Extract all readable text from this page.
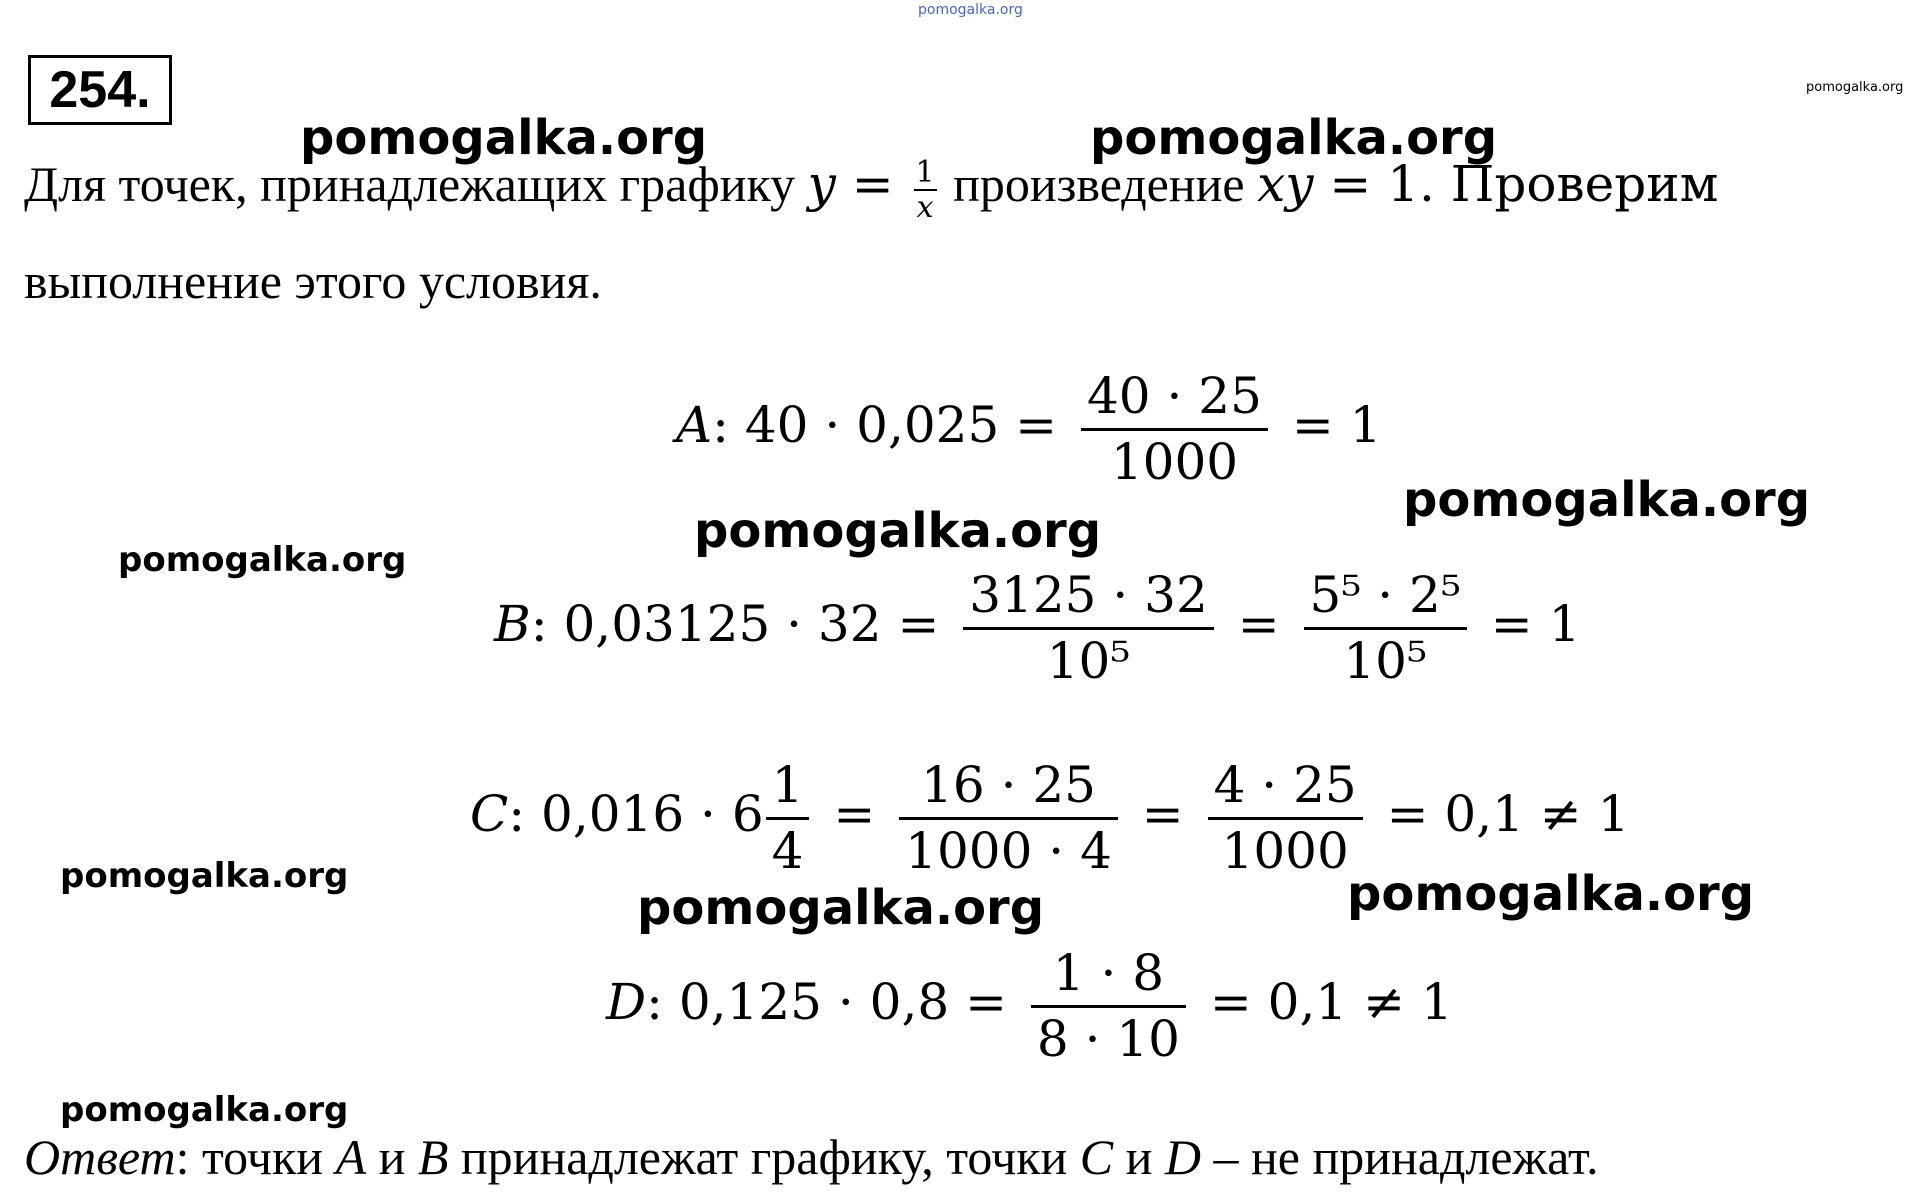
pomogalka.org
pomogalka.org
pomogalka.org	pomogalka.org
pomogalka.org
pomogalka.org
pomogalka.org
pomogalka.org	pomogalka.org
pomogalka.org
pomogalka.org
254.
Для точек, принадлежащих графику $y = \frac{1}{x}$ произведение xy = 1. Проверим
выполнение этого условия.
A: $40 \cdot 0,025 = \frac{40 \cdot 25}{1000} = 1$
B: $0,03125 \cdot 32 = \frac{3125 \cdot 32}{\text{10⁵}} = \frac{\text{5⁵ · 2⁵}}{\text{10⁵}} = 1$
C: $0,016 \cdot 6 \frac{1}{4} = \frac{16 \cdot 25}{1000 \cdot 4} = \frac{4 \cdot 25}{1000} = 0,1 \ne 1$
D: $0,125 \cdot 0,8 = \frac{1 \cdot 8}{8 \cdot 10} = 0,1 \ne 1$
Ответ: точки A и B принадлежат графику, точки C и D – не принадлежат.
